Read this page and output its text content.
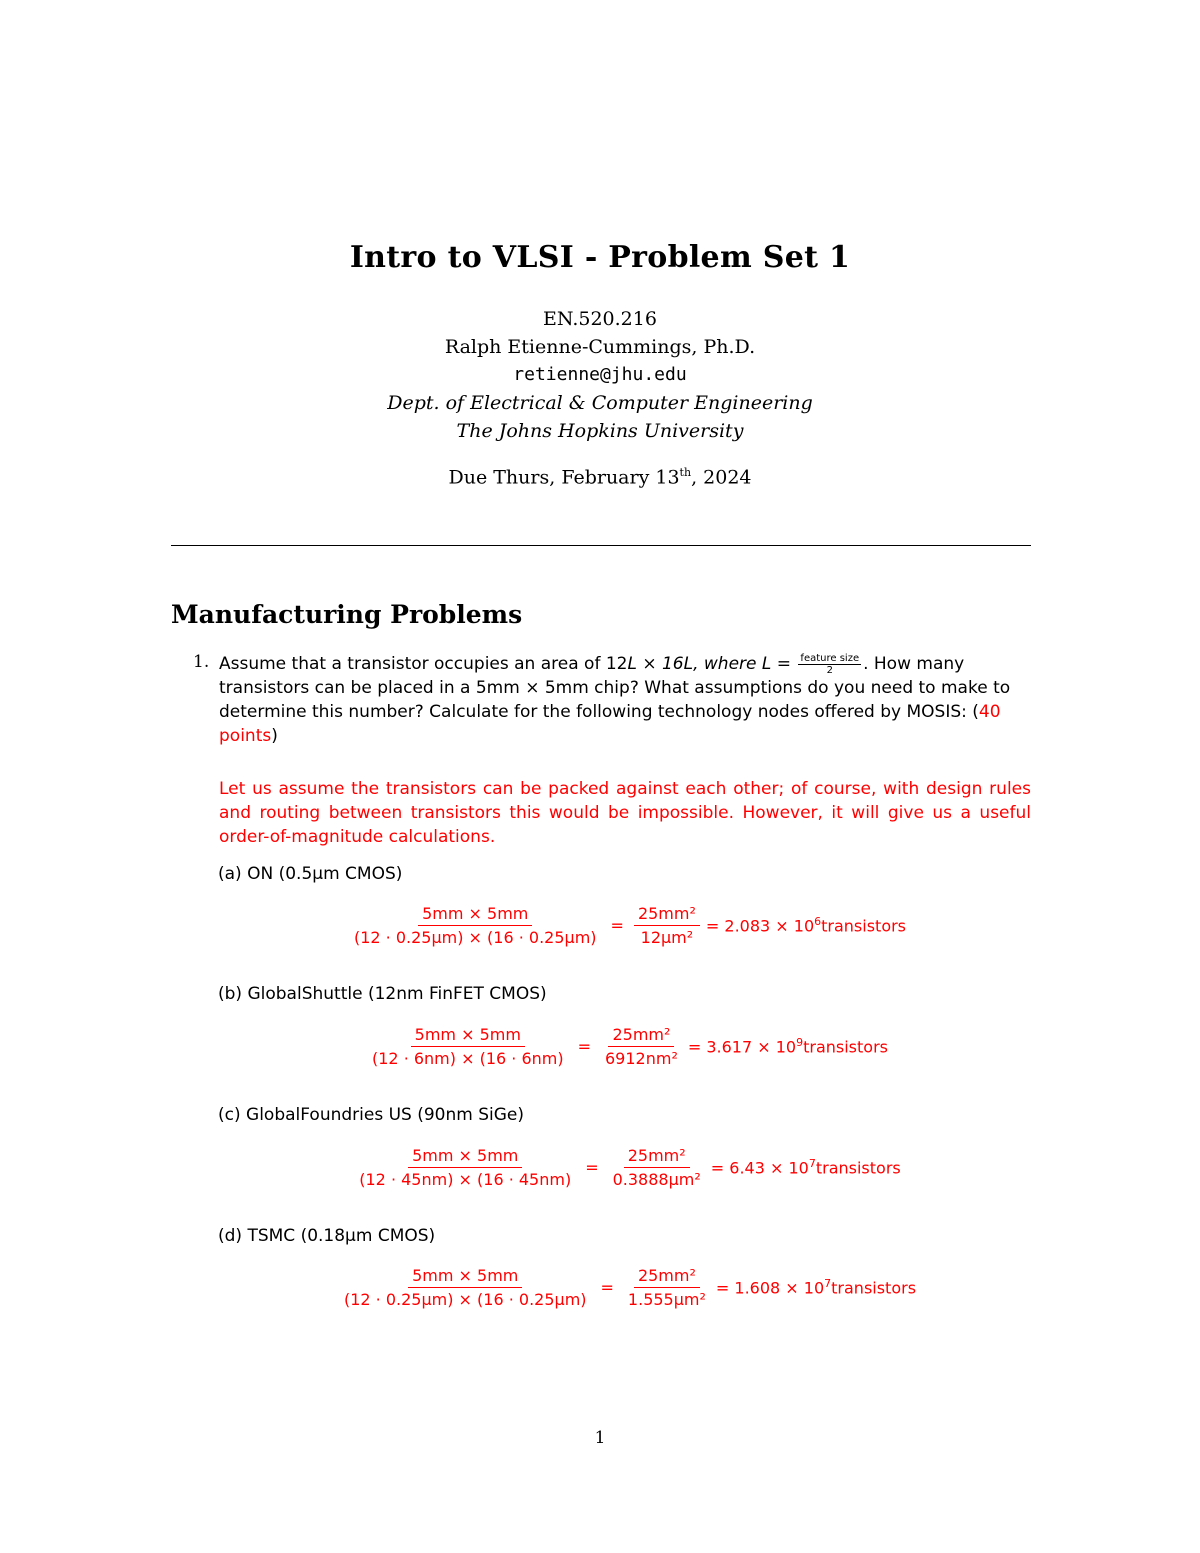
Intro to VLSI - Problem Set 1
EN.520.216
Ralph Etienne-Cummings, Ph.D.
retienne@jhu.edu
Dept. of Electrical & Computer Engineering
The Johns Hopkins University
Due Thurs, February 13th, 2024
Manufacturing Problems
1. Assume that a transistor occupies an area of 12L × 16L, where $L = \frac{\text{feature size}}{2}$ . How many
transistors can be placed in a 5mm × 5mm chip? What assumptions do you need to make to
determine this number? Calculate for the following technology nodes offered by MOSIS: (40
points)
Let us assume the transistors can be packed against each other; of course, with design rules and routing between transistors this would be impossible. However, it will give us a useful order-of-magnitude calculations.
(a) ON (0.5µm CMOS)
$\frac{5mm \times 5mm}{\text{(12 · 0.25µm) × (16 · 0.25µm)}} = \frac{\text{25mm²}}{\text{12µm²}} = 2.083$ × $10^6transistors$
(b) GlobalShuttle (12nm FinFET CMOS)
$\frac{5mm \times 5mm}{(12 \cdot 6nm) \times (16 \cdot 6nm)} = \frac{\text{25mm²}}{\text{6912nm²}} = 3.617$ × $10^9transistors$
(c) GlobalFoundries US (90nm SiGe)
$\frac{5mm \times 5mm}{(12 \cdot 45nm) \times (16 \cdot 45nm)} = \frac{\text{25mm²}}{\text{0.3888µm²}} = 6.43$ × $10^7transistors$
(d) TSMC (0.18µm CMOS)
$\frac{5mm \times 5mm}{\text{(12 · 0.25µm) × (16 · 0.25µm)}} = \frac{\text{25mm²}}{\text{1.555µm²}} = 1.608$ × $10^7transistors$
1
